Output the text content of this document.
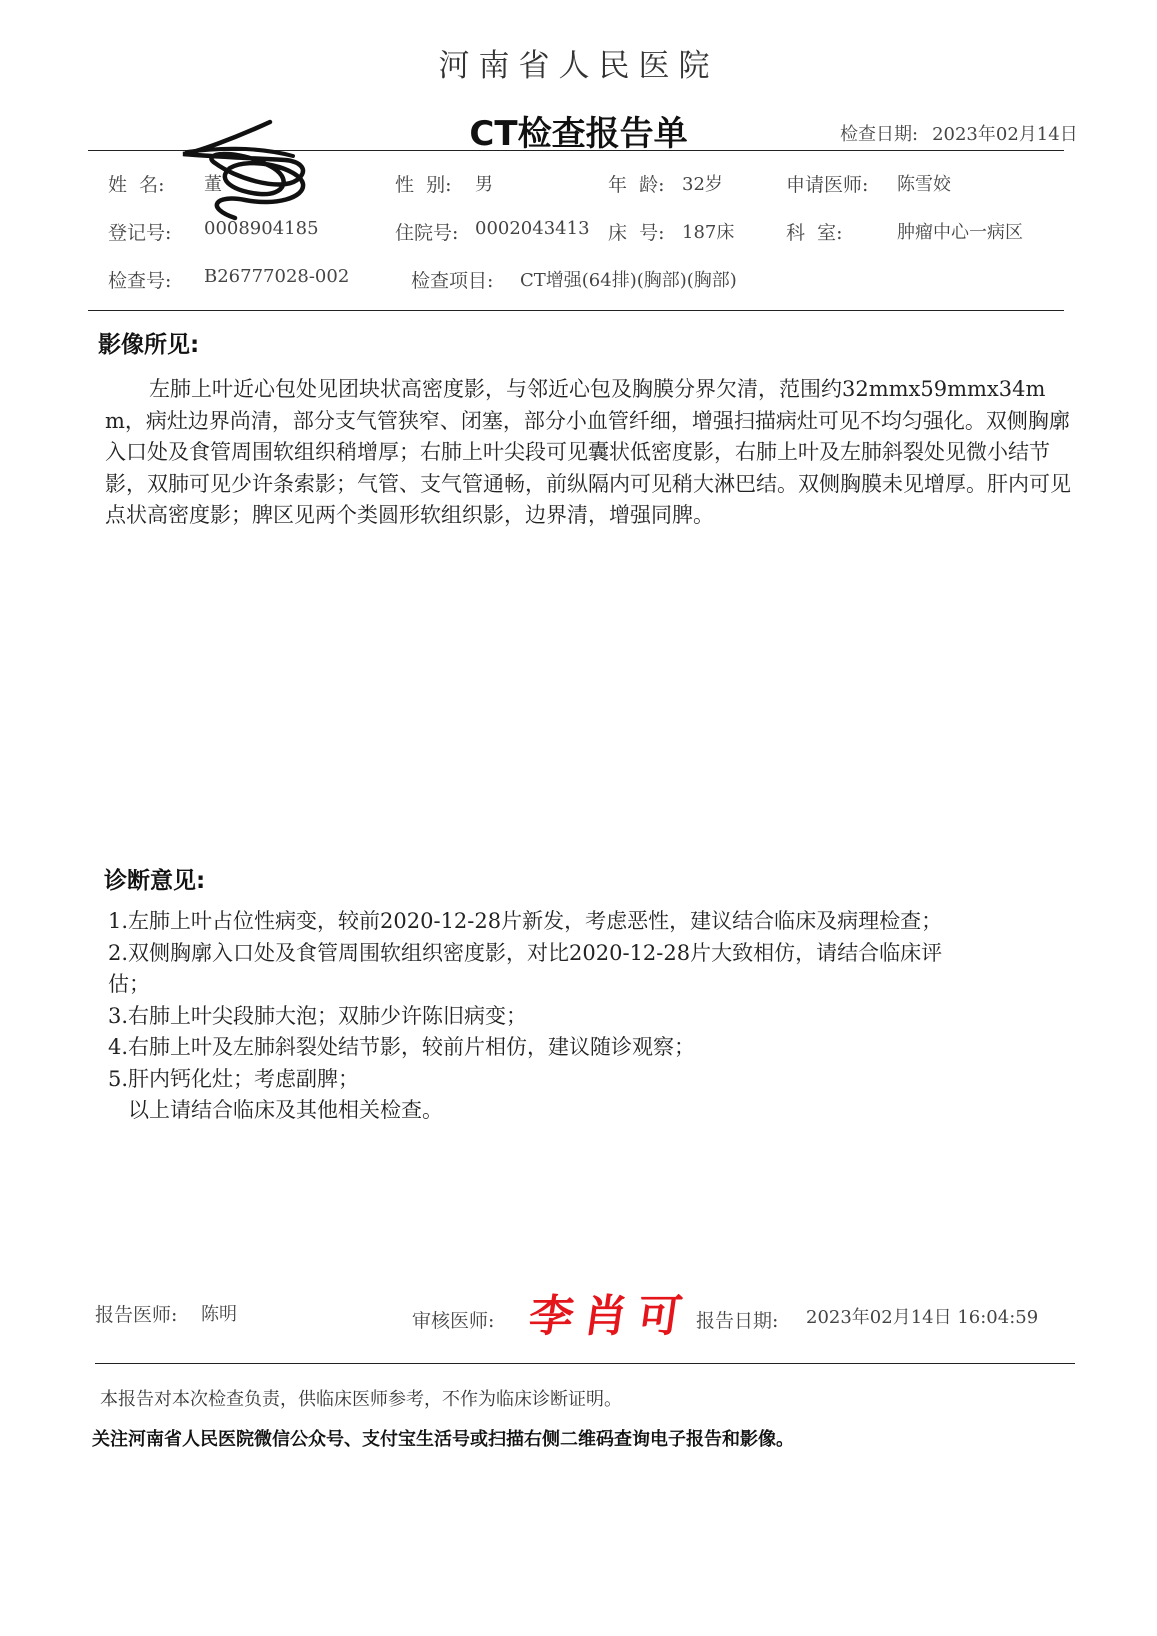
河南省人民医院
CT检查报告单	检查日期: 2023年02月14日
姓  名: 董	性  别: 男	年  龄: 32岁	申请医师: 陈雪姣
登记号: 0008904185	住院号: 0002043413 床  号: 187床	科  室:	肿瘤中心一病区
检查号: B26777028-002	检查项目: CT增强(64排)(胸部)(胸部)
影像所见:
左肺上叶近心包处见团块状高密度影，与邻近心包及胸膜分界欠清，范围约32mmx59mmx34mm，病灶边界尚清，部分支气管狭窄、闭塞，部分小血管纤细，增强扫描病灶可见不均匀强化。双侧胸廓入口处及食管周围软组织稍增厚；右肺上叶尖段可见囊状低密度影，右肺上叶及左肺斜裂处见微小结节影，双肺可见少许条索影；气管、支气管通畅，前纵隔内可见稍大淋巴结。双侧胸膜未见增厚。肝内可见点状高密度影；脾区见两个类圆形软组织影，边界清，增强同脾。
诊断意见:
1.左肺上叶占位性病变，较前2020-12-28片新发，考虑恶性，建议结合临床及病理检查；
2.双侧胸廓入口处及食管周围软组织密度影，对比2020-12-28片大致相仿，请结合临床评
估；
3.右肺上叶尖段肺大泡；双肺少许陈旧病变；
4.右肺上叶及左肺斜裂处结节影，较前片相仿，建议随诊观察；
5.肝内钙化灶；考虑副脾；
以上请结合临床及其他相关检查。
报告医师: 陈明	审核医师: 李肖可 报告日期: 2023年02月14日 16:04:59
本报告对本次检查负责，供临床医师参考，不作为临床诊断证明。
关注河南省人民医院微信公众号、支付宝生活号或扫描右侧二维码查询电子报告和影像。
